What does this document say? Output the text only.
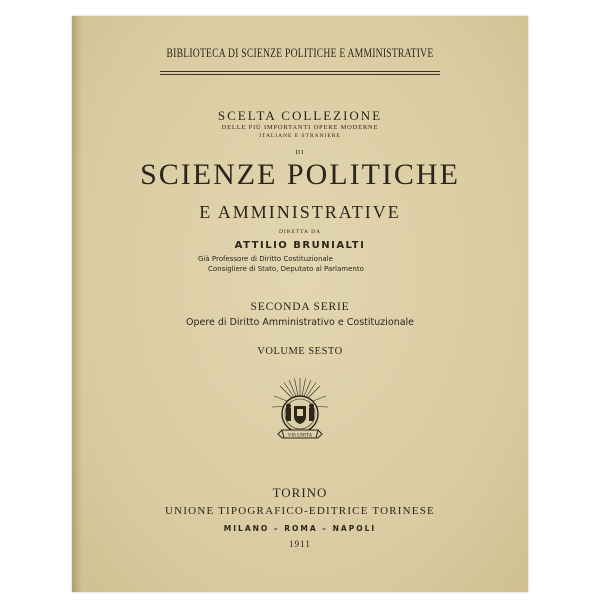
BIBLIOTECA DI SCIENZE POLITICHE E AMMINISTRATIVE
SCELTA COLLEZIONE
DELLE PIÙ IMPORTANTI OPERE MODERNE
ITALIANE E STRANIERE
DI
SCIENZE POLITICHE
E AMMINISTRATIVE
DIRETTA DA
ATTILIO BRUNIALTI
Già Professore di Diritto Costituzionale
Consigliere di Stato, Deputato al Parlamento
SECONDA SERIE
Opere di Diritto Amministrativo e Costituzionale
VOLUME SESTO
VIS UNITA
TORINO
UNIONE TIPOGRAFICO-EDITRICE TORINESE
MILANO – ROMA – NAPOLI
1911
